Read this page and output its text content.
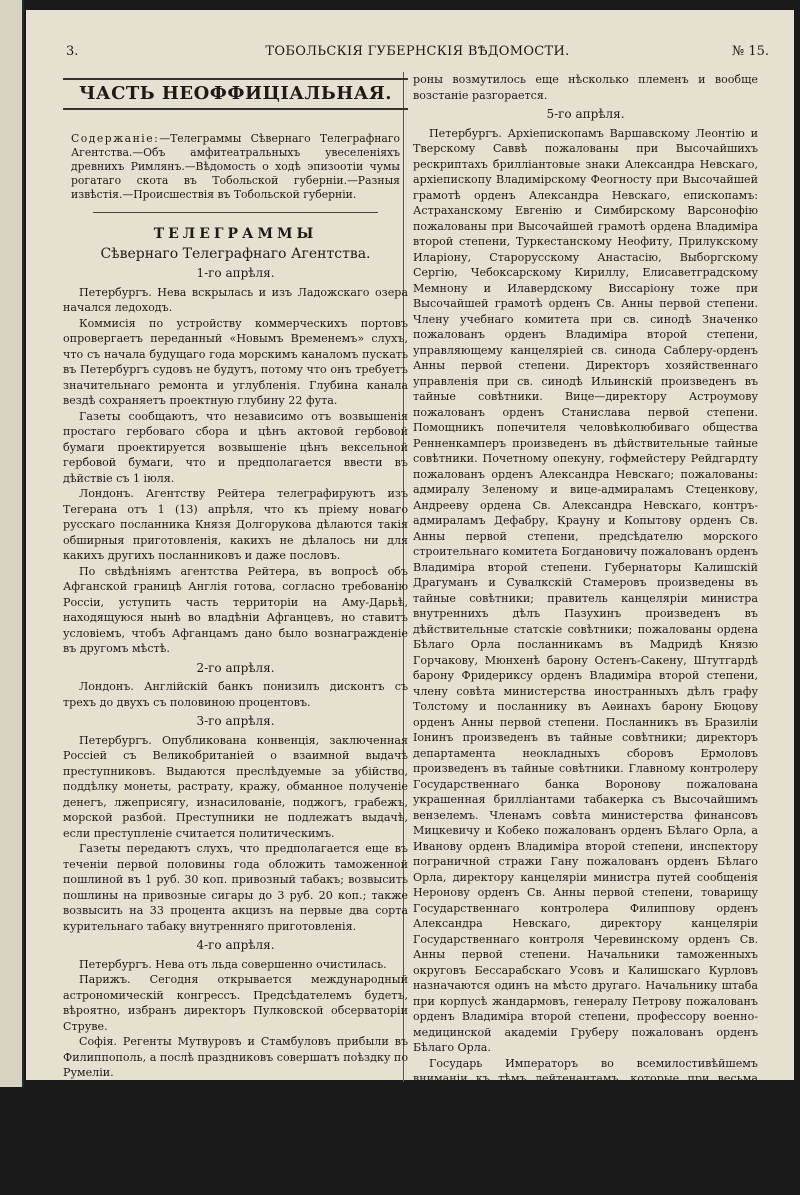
3.	ТОБОЛЬСКІЯ ГУБЕРНСКІЯ ВѢДОМОСТИ.	№ 15.
ЧАСТЬ НЕОФФИЦІАЛЬНАЯ.
Содержаніе:—Телеграммы Сѣвернаго Телеграфнаго Агентства.—Объ амфитеатральныхъ увеселеніяхъ древнихъ Римлянъ.—Вѣдомость о ходѣ эпизоотіи чумы рогатаго скота въ Тобольской губерніи.—Разныя извѣстія.—Происшествія въ Тобольской губерніи.
ТЕЛЕГРАММЫ
Сѣвернаго Телеграфнаго Агентства.
1-го апрѣля.

Петербургъ. Нева вскрылась и изъ Ладожскаго озера начался ледоходъ.

Коммисія по устройству коммерческихъ портовъ опровергаетъ переданный «Новымъ Временемъ» слухъ, что съ начала будущаго года морскимъ каналомъ пускать въ Петербургъ судовъ не будутъ, потому что онъ требуетъ значительнаго ремонта и углубленія. Глубина канала вездѣ сохраняетъ проектную глубину 22 фута.

Газеты сообщаютъ, что независимо отъ возвышенія простаго гербоваго сбора и цѣнъ актовой гербовой бумаги проектируется возвышеніе цѣнъ вексельной гербовой бумаги, что и предполагается ввести въ дѣйствіе съ 1 іюля.

Лондонъ. Агентству Рейтера телеграфируютъ изъ Тегерана отъ 1 (13) апрѣля, что къ пріему новаго русскаго посланника Князя Долгорукова дѣлаются такія обширныя приготовленія, какихъ не дѣлалось ни для какихъ другихъ посланниковъ и даже пословъ.

По свѣдѣніямъ агентства Рейтера, въ вопросѣ объ Афганской границѣ Англія готова, согласно требованію Россіи, уступить часть территоріи на Аму-Дарьѣ, находящуюся нынѣ во владѣніи Афганцевъ, но ставитъ условіемъ, чтобъ Афганцамъ дано было вознагражденіе въ другомъ мѣстѣ.

2-го апрѣля.

Лондонъ. Англійскій банкъ понизилъ дисконтъ съ трехъ до двухъ съ половиною процентовъ.

3-го апрѣля.

Петербургъ. Опубликована конвенція, заключенная Россіей съ Великобританіей о взаимной выдачѣ преступниковъ. Выдаются преслѣдуемые за убійство, поддѣлку монеты, растрату, кражу, обманное полученіе денегъ, лжеприсягу, изнасилованіе, поджогъ, грабежъ, морской разбой. Преступники не подлежатъ выдачѣ, если преступленіе считается политическимъ.

Газеты передаютъ слухъ, что предполагается еще въ теченіи первой половины года обложить таможенной пошлиной въ 1 руб. 30 коп. привозный табакъ; возвысить пошлины на привозные сигары до 3 руб. 20 коп.; также возвысить на 33 процента акцизъ на первые два сорта курительнаго табаку внутренняго приготовленія.

4-го апрѣля.

Петербургъ. Нева отъ льда совершенно очистилась.

Парижъ. Сегодня открывается международный астрономическій конгрессъ. Предсѣдателемъ будетъ, вѣроятно, избранъ директоръ Пулковской обсерваторіи Струве.

Софія. Регенты Мутвуровъ и Стамбуловъ прибыли въ Филиппополь, а послѣ праздниковъ совершатъ поѣздку по Румеліи.

Бомбей. Изъ Афганистана сообщаютъ, что войско Эмира разбило Гильзаевъ въ почномъ бою, но съ другой сто-

роны возмутилось еще нѣсколько племенъ и вообще возстаніе разгорается.

5-го апрѣля.

Петербургъ. Архіепископамъ Варшавскому Леонтію и Тверскому Саввѣ пожалованы при Высочайшихъ рескриптахъ брилліантовые знаки Александра Невскаго, архіепископу Владимірскому Феогносту при Высочайшей грамотѣ орденъ Александра Невскаго, епископамъ: Астраханскому Евгенію и Симбирскому Варсонофію пожалованы при Высочайшей грамотѣ ордена Владиміра второй степени, Туркестанскому Неофиту, Прилукскому Иларіону, Старорусскому Анастасію, Выборгскому Сергію, Чебоксарскому Кириллу, Елисаветградскому Мемнону и Илавердскому Виссаріону тоже при Высочайшей грамотѣ орденъ Св. Анны первой степени. Члену учебнаго комитета при св. синодѣ Значенко пожалованъ орденъ Владиміра второй степени, управляющему канцеляріей св. синода Саблеру-орденъ Анны первой степени. Директоръ хозяйственнаго управленія при св. синодѣ Ильинскій произведенъ въ тайные совѣтники. Вице—директору Астроумову пожалованъ орденъ Станислава первой степени. Помощникъ попечителя человѣколюбиваго общества Ренненкамперъ произведенъ въ дѣйствительные тайные совѣтники. Почетному опекуну, гофмейстеру Рейдгардту пожалованъ орденъ Александра Невскаго; пожалованы: адмиралу Зеленому и вице-адмираламъ Стеценкову, Андрееву ордена Св. Александра Невскаго, контръ-адмираламъ Дефабру, Крауну и Копытову орденъ Св. Анны первой степени, предсѣдателю морского строительнаго комитета Богдановичу пожалованъ орденъ Владиміра второй степени. Губернаторы Калишскій Драгуманъ и Сувалкскій Стамеровъ произведены въ тайные совѣтники; правитель канцеляріи министра внутреннихъ дѣлъ Пазухинъ произведенъ въ дѣйствительные статскіе совѣтники; пожалованы ордена Бѣлаго Орла посланникамъ въ Мадридѣ Князю Горчакову, Мюнхенѣ барону Остенъ-Сакену, Штутгардѣ барону Фридериксу орденъ Владиміра второй степени, члену совѣта министерства иностранныхъ дѣлъ графу Толстому и посланнику въ Аѳинахъ барону Бюцову орденъ Анны первой степени. Посланникъ въ Бразиліи Іонинъ произведенъ въ тайные совѣтники; директоръ департамента неокладныхъ сборовъ Ермоловъ произведенъ въ тайные совѣтники. Главному контролеру Государственнаго банка Воронову пожалована украшенная брилліантами табакерка съ Высочайшимъ вензелемъ. Членамъ совѣта министерства финансовъ Мицкевичу и Кобеко пожалованъ орденъ Бѣлаго Орла, а Иванову орденъ Владиміра второй степени, инспектору пограничной стражи Гану пожалованъ орденъ Бѣлаго Орла, директору канцеляріи министра путей сообщенія Неронову орденъ Св. Анны первой степени, товарищу Государственнаго контролера Филиппову орденъ Александра Невскаго, директору канцеляріи Государственнаго контроля Черевинскому орденъ Св. Анны первой степени. Начальники таможенныхъ округовъ Бессарабскаго Усовъ и Калишскаго Курловъ назначаются одинъ на мѣсто другаго. Начальнику штаба при корпусѣ жандармовъ, генералу Петрову пожалованъ орденъ Владиміра второй степени, профессору военно-медицинской академіи Груберу пожалованъ орденъ Бѣлаго Орла.

Государь Императоръ во всемилостивѣйшемъ вниманіи къ тѣмъ лейтенантамъ, которые при весьма значительныхъ плаваніяхъ, не вполнѣ удовлетворяютъ требованіямъ морскаго ценза, Высочайше повелѣть соизволилъ: впредь до приведенія числа лейтенантовъ, пользующихся капитанъ-лейтенантскими окладами, до установленнаго комплекта, допускать льготное зачисленіе на означенные оклады такихъ лейтенантовъ, которые состоятъ въ чинѣ не менѣе весьма лѣтъ и
